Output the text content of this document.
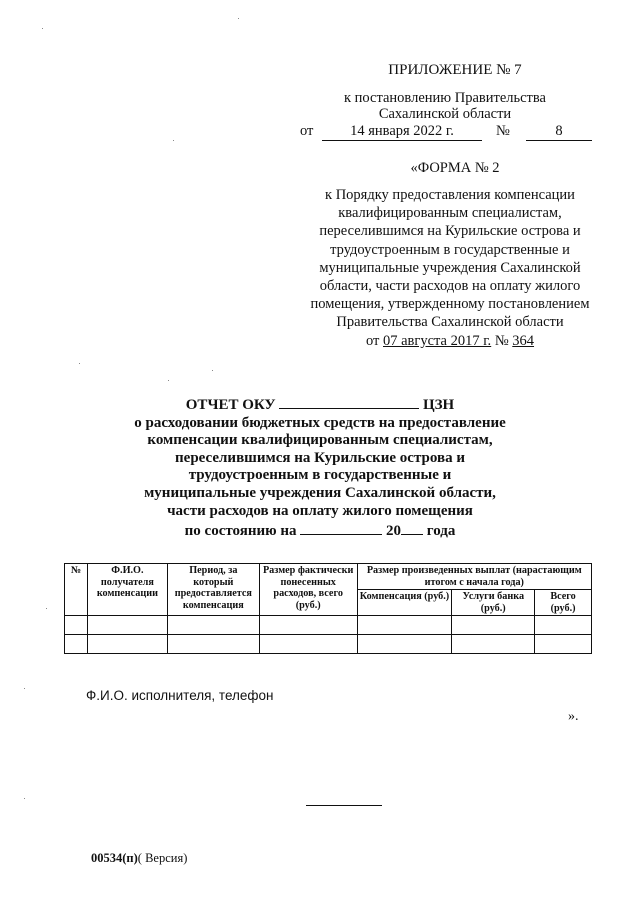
ПРИЛОЖЕНИЕ № 7
к постановлению Правительства
Сахалинской области
от	14 января 2022 г.	№	8
«ФОРМА № 2
к Порядку предоставления компенсации
квалифицированным специалистам,
переселившимся на Курильские острова и
трудоустроенным в государственные и
муниципальные учреждения Сахалинской
области, части расходов на оплату жилого
помещения, утвержденному постановлением
Правительства Сахалинской области
от 07 августа 2017 г. № 364
ОТЧЕТ ОКУ	ЦЗН
о расходовании бюджетных средств на предоставление
компенсации квалифицированным специалистам,
переселившимся на Курильские острова и
трудоустроенным в государственные и
муниципальные учреждения Сахалинской области,
части расходов на оплату жилого помещения
по состоянию на	20 года
№	Ф.И.О. получателя компенсации	Период, за который предоставляется компенсация	Размер фактически понесенных расходов, всего (руб.)	Размер произведенных выплат (нарастающим итогом с начала года)		
				Компенсация (руб.)	Услуги банка (руб.)	Всего (руб.)

Ф.И.О. исполнителя, телефон
».
00534(п)( Версия)
